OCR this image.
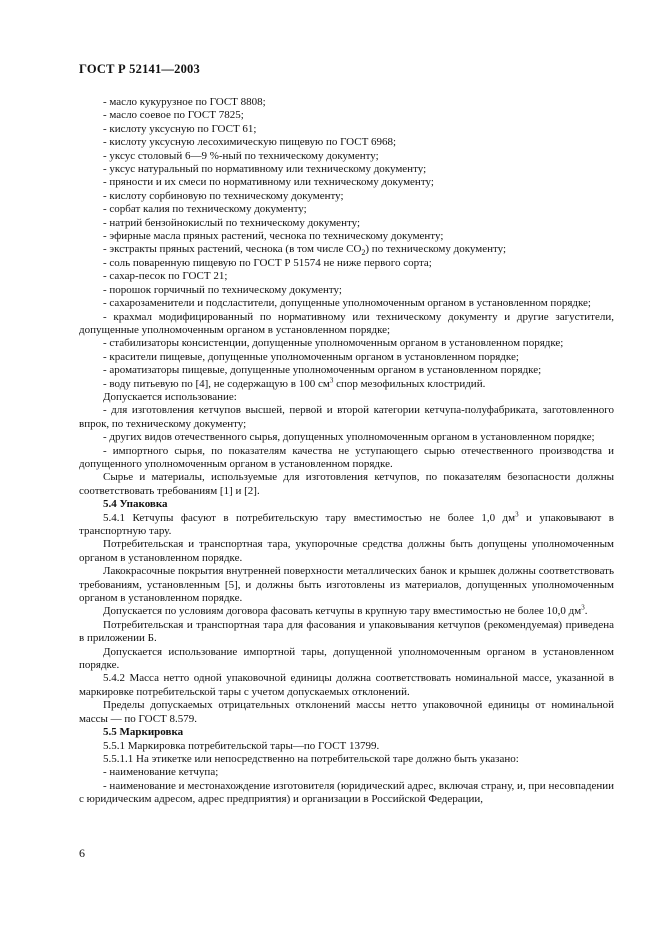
ГОСТ Р 52141—2003

- масло кукурузное по ГОСТ 8808;

- масло соевое по ГОСТ 7825;

- кислоту уксусную по ГОСТ 61;

- кислоту уксусную лесохимическую пищевую по ГОСТ 6968;

- уксус столовый 6—9 %-ный по техническому документу;

- уксус натуральный по нормативному или техническому документу;

- пряности и их смеси по нормативному или техническому документу;

- кислоту сорбиновую по техническому документу;

- сорбат калия по техническому документу;

- натрий бензойнокислый по техническому документу;

- эфирные масла пряных растений, чеснока по техническому документу;

- экстракты пряных растений, чеснока (в том числе $CO_2$) по техническому документу;

- соль поваренную пищевую по ГОСТ Р 51574 не ниже первого сорта;

- сахар-песок по ГОСТ 21;

- порошок горчичный по техническому документу;

- сахарозаменители и подсластители, допущенные уполномоченным органом в установленном порядке;

- крахмал модифицированный по нормативному или техническому документу и другие загустители, допущенные уполномоченным органом в установленном порядке;

- стабилизаторы консистенции, допущенные уполномоченным органом в установленном порядке;

- красители пищевые, допущенные уполномоченным органом в установленном порядке;

- ароматизаторы пищевые, допущенные уполномоченным органом в установленном порядке;

- воду питьевую по [4], не содержащую в 100 $см^3$ спор мезофильных клостридий.

Допускается использование:

- для изготовления кетчупов высшей, первой и второй категории кетчупа-полуфабриката, заготовленного впрок, по техническому документу;

- других видов отечественного сырья, допущенных уполномоченным органом в установленном порядке;

- импортного сырья, по показателям качества не уступающего сырью отечественного производства и допущенного уполномоченным органом в установленном порядке.

Сырье и материалы, используемые для изготовления кетчупов, по показателям безопасности должны соответствовать требованиям [1] и [2].

5.4 Упаковка

5.4.1 Кетчупы фасуют в потребительскую тару вместимостью не более 1,0 $дм^3$ и упаковывают в транспортную тару.

Потребительская и транспортная тара, укупорочные средства должны быть допущены уполномоченным органом в установленном порядке.

Лакокрасочные покрытия внутренней поверхности металлических банок и крышек должны соответствовать требованиям, установленным [5], и должны быть изготовлены из материалов, допущенных уполномоченным органом в установленном порядке.

Допускается по условиям договора фасовать кетчупы в крупную тару вместимостью не более 10,0 $дм^3$.

Потребительская и транспортная тара для фасования и упаковывания кетчупов (рекомендуемая) приведена в приложении Б.

Допускается использование импортной тары, допущенной уполномоченным органом в установленном порядке.

5.4.2 Масса нетто одной упаковочной единицы должна соответствовать номинальной массе, указанной в маркировке потребительской тары с учетом допускаемых отклонений.

Пределы допускаемых отрицательных отклонений массы нетто упаковочной единицы от номинальной массы — по ГОСТ 8.579.

5.5 Маркировка

5.5.1 Маркировка потребительской тары—по ГОСТ 13799.

5.5.1.1 На этикетке или непосредственно на потребительской таре должно быть указано:

- наименование кетчупа;

- наименование и местонахождение изготовителя (юридический адрес, включая страну, и, при несовпадении с юридическим адресом, адрес предприятия) и организации в Российской Федерации,

6
